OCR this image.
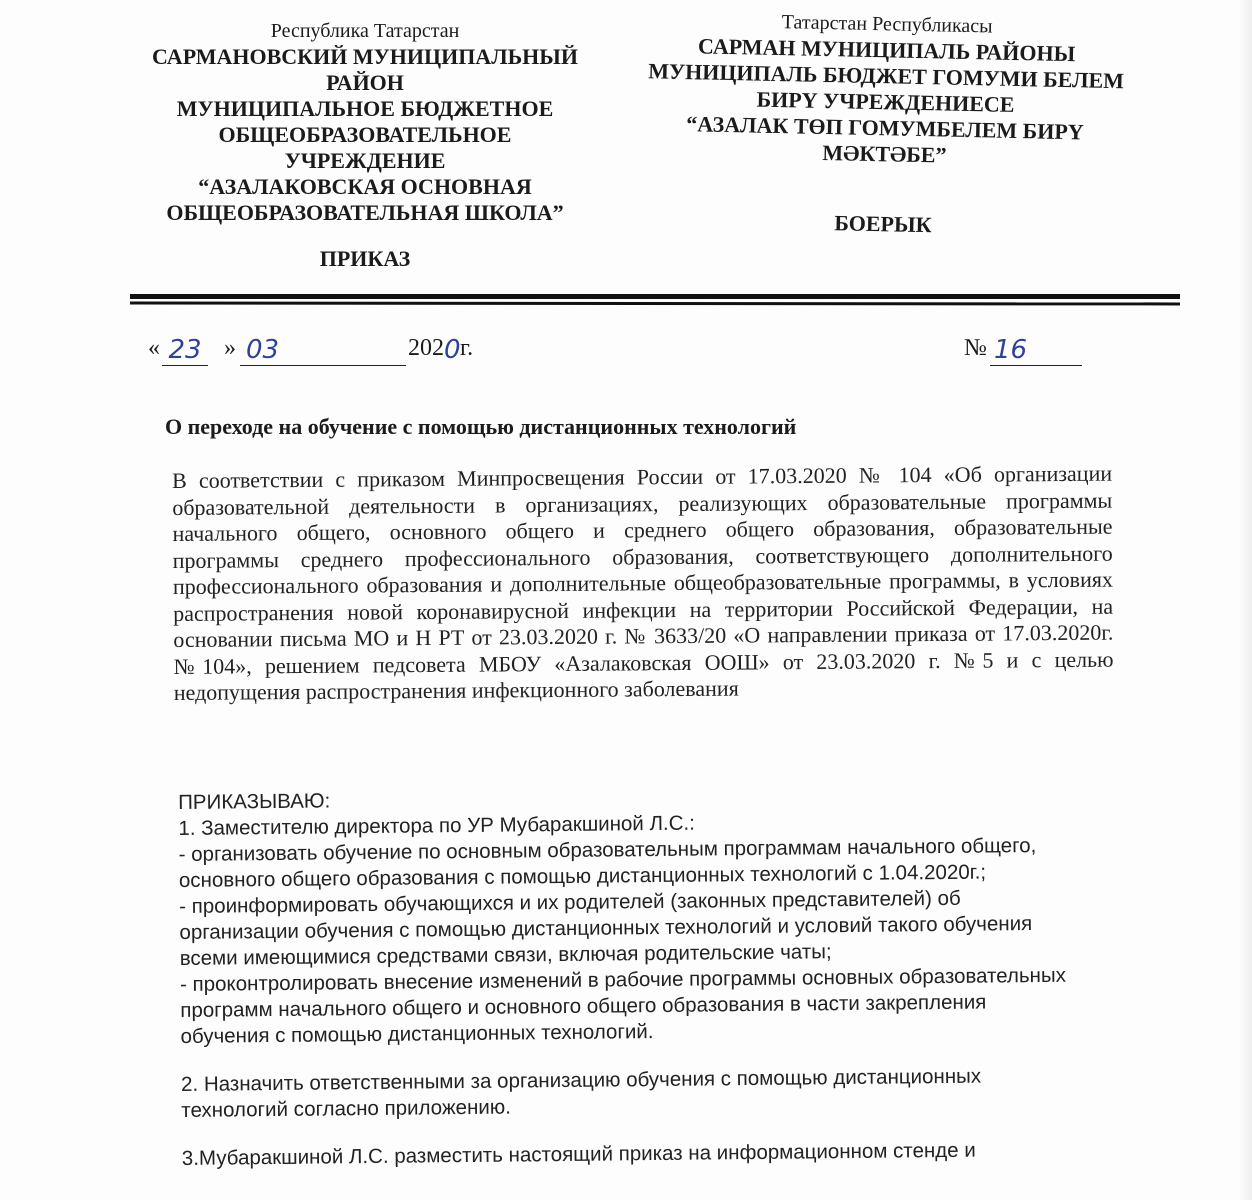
Республика Татарстан
САРМАНОВСКИЙ МУНИЦИПАЛЬНЫЙ
РАЙОН
МУНИЦИПАЛЬНОЕ БЮДЖЕТНОЕ
ОБЩЕОБРАЗОВАТЕЛЬНОЕ
УЧРЕЖДЕНИЕ
“АЗАЛАКОВСКАЯ ОСНОВНАЯ
ОБЩЕОБРАЗОВАТЕЛЬНАЯ ШКОЛА”
ПРИКАЗ
Татарстан Республикасы
САРМАН МУНИЦИПАЛЬ РАЙОНЫ
МУНИЦИПАЛЬ БЮДЖЕТ ГОМУМИ БЕЛЕМ
БИРҮ УЧРЕЖДЕНИЕСЕ
“АЗАЛАК ТӨП ГОМУМБЕЛЕМ БИРҮ
МӘКТӘБЕ”
БОЕРЫК
« 23 » 03	202 0 г.	№ 16
О переходе на обучение с помощью дистанционных технологий
В соответствии с приказом Минпросвещения России от 17.03.2020 № 104 «Об организации образовательной деятельности в организациях, реализующих образовательные программы начального общего, основного общего и среднего общего образования, образовательные программы среднего профессионального образования, соответствующего дополнительного профессионального образования и дополнительные общеобразовательные программы, в условиях распространения новой коронавирусной инфекции на территории Российской Федерации, на основании письма МО и Н РТ от 23.03.2020 г. № 3633/20 «О направлении приказа от 17.03.2020г. №104», решением педсовета МБОУ «Азалаковская ООШ» от 23.03.2020 г. №5 и с целью недопущения распространения инфекционного заболевания
ПРИКАЗЫВАЮ:
1. Заместителю директора по УР Мубаракшиной Л.С.:
- организовать обучение по основным образовательным программам начального общего, основного общего образования с помощью дистанционных технологий с 1.04.2020г.;
- проинформировать обучающихся и их родителей (законных представителей) об организации обучения с помощью дистанционных технологий и условий такого обучения всеми имеющимися средствами связи, включая родительские чаты;
- проконтролировать внесение изменений в рабочие программы основных образовательных программ начального общего и основного общего образования в части закрепления обучения с помощью дистанционных технологий.
2. Назначить ответственными за организацию обучения с помощью дистанционных технологий согласно приложению.
3.Мубаракшиной Л.С. разместить настоящий приказ на информационном стенде и
